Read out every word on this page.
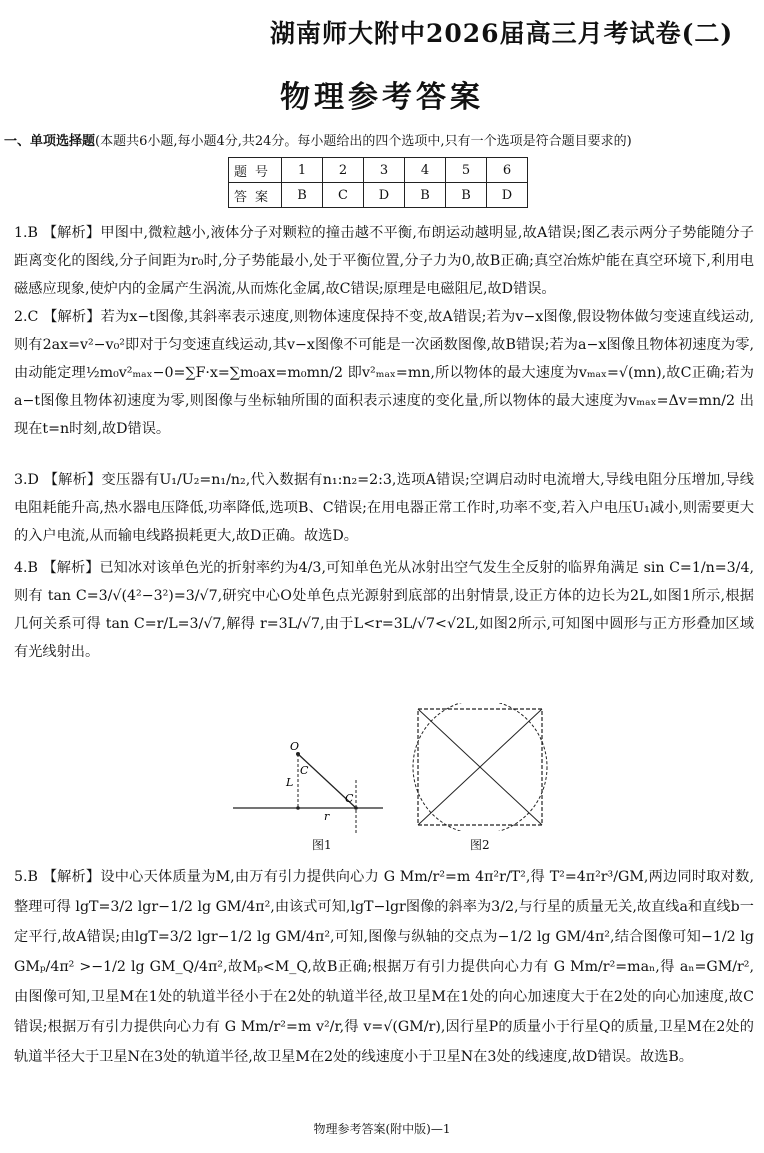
湖南师大附中2026届高三月考试卷(二)
物理参考答案
一、单项选择题(本题共6小题,每小题4分,共24分。每小题给出的四个选项中,只有一个选项是符合题目要求的)
题号	1	2	3	4	5	6
答案	B	C	D	B	B	D
1.B 【解析】甲图中,微粒越小,液体分子对颗粒的撞击越不平衡,布朗运动越明显,故A错误;图乙表示两分子势能随分子距离变化的图线,分子间距为r₀时,分子势能最小,处于平衡位置,分子力为0,故B正确;真空冶炼炉能在真空环境下,利用电磁感应现象,使炉内的金属产生涡流,从而炼化金属,故C错误;原理是电磁阻尼,故D错误。
2.C 【解析】若为x−t图像,其斜率表示速度,则物体速度保持不变,故A错误;若为v−x图像,假设物体做匀变速直线运动,则有2ax=v²−v₀²即对于匀变速直线运动,其v−x图像不可能是一次函数图像,故B错误;若为a−x图像且物体初速度为零,由动能定理½m₀v²ₘₐₓ−0=∑F·x=∑m₀ax=m₀mn/2 即v²ₘₐₓ=mn,所以物体的最大速度为vₘₐₓ=√(mn),故C正确;若为a−t图像且物体初速度为零,则图像与坐标轴所围的面积表示速度的变化量,所以物体的最大速度为vₘₐₓ=Δv=mn/2 出现在t=n时刻,故D错误。
3.D 【解析】变压器有U₁/U₂=n₁/n₂,代入数据有n₁:n₂=2:3,选项A错误;空调启动时电流增大,导线电阻分压增加,导线电阻耗能升高,热水器电压降低,功率降低,选项B、C错误;在用电器正常工作时,功率不变,若入户电压U₁减小,则需要更大的入户电流,从而输电线路损耗更大,故D正确。故选D。
4.B 【解析】已知冰对该单色光的折射率约为4/3,可知单色光从冰射出空气发生全反射的临界角满足 sin C=1/n=3/4,则有 tan C=3/√(4²−3²)=3/√7,研究中心O处单色点光源射到底部的出射情景,设正方体的边长为2L,如图1所示,根据几何关系可得 tan C=r/L=3/√7,解得 r=3L/√7,由于L<r=3L/√7<√2L,如图2所示,可知图中圆形与正方形叠加区域有光线射出。
O
C
C
L
r
图1	图2
5.B 【解析】设中心天体质量为M,由万有引力提供向心力 G Mm/r²=m 4π²r/T²,得 T²=4π²r³/GM,两边同时取对数,整理可得 lgT=3/2 lgr−1/2 lg GM/4π²,由该式可知,lgT−lgr图像的斜率为3/2,与行星的质量无关,故直线a和直线b一定平行,故A错误;由lgT=3/2 lgr−1/2 lg GM/4π²,可知,图像与纵轴的交点为−1/2 lg GM/4π²,结合图像可知−1/2 lg GMₚ/4π² >−1/2 lg GM_Q/4π²,故Mₚ<M_Q,故B正确;根据万有引力提供向心力有 G Mm/r²=maₙ,得 aₙ=GM/r²,由图像可知,卫星M在1处的轨道半径小于在2处的轨道半径,故卫星M在1处的向心加速度大于在2处的向心加速度,故C错误;根据万有引力提供向心力有 G Mm/r²=m v²/r,得 v=√(GM/r),因行星P的质量小于行星Q的质量,卫星M在2处的轨道半径大于卫星N在3处的轨道半径,故卫星M在2处的线速度小于卫星N在3处的线速度,故D错误。故选B。
物理参考答案(附中版)—1
